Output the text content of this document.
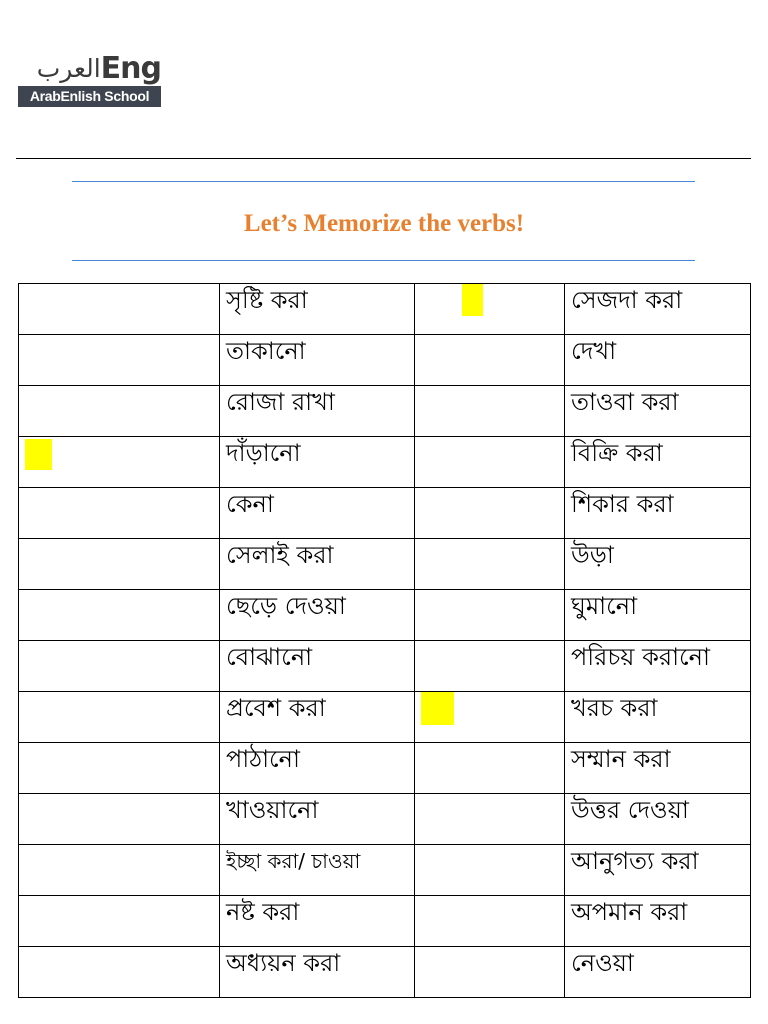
العرب Eng
ArabEnlish School
Let’s Memorize the verbs!
	সৃষ্টি করা		সেজদা করা
	তাকানো		দেখা
	রোজা রাখা		তাওবা করা

	দাঁড়ানো		বিক্রি করা
	কেনা		শিকার করা
	সেলাই করা		উড়া
	ছেড়ে দেওয়া		ঘুমানো
	বোঝানো		পরিচয় করানো
	প্রবেশ করা		খরচ করা
	পাঠানো		সম্মান করা
	খাওয়ানো		উত্তর দেওয়া
	ইচ্ছা করা/ চাওয়া		আনুগত্য করা
	নষ্ট করা		অপমান করা
	অধ্যয়ন করা		নেওয়া
